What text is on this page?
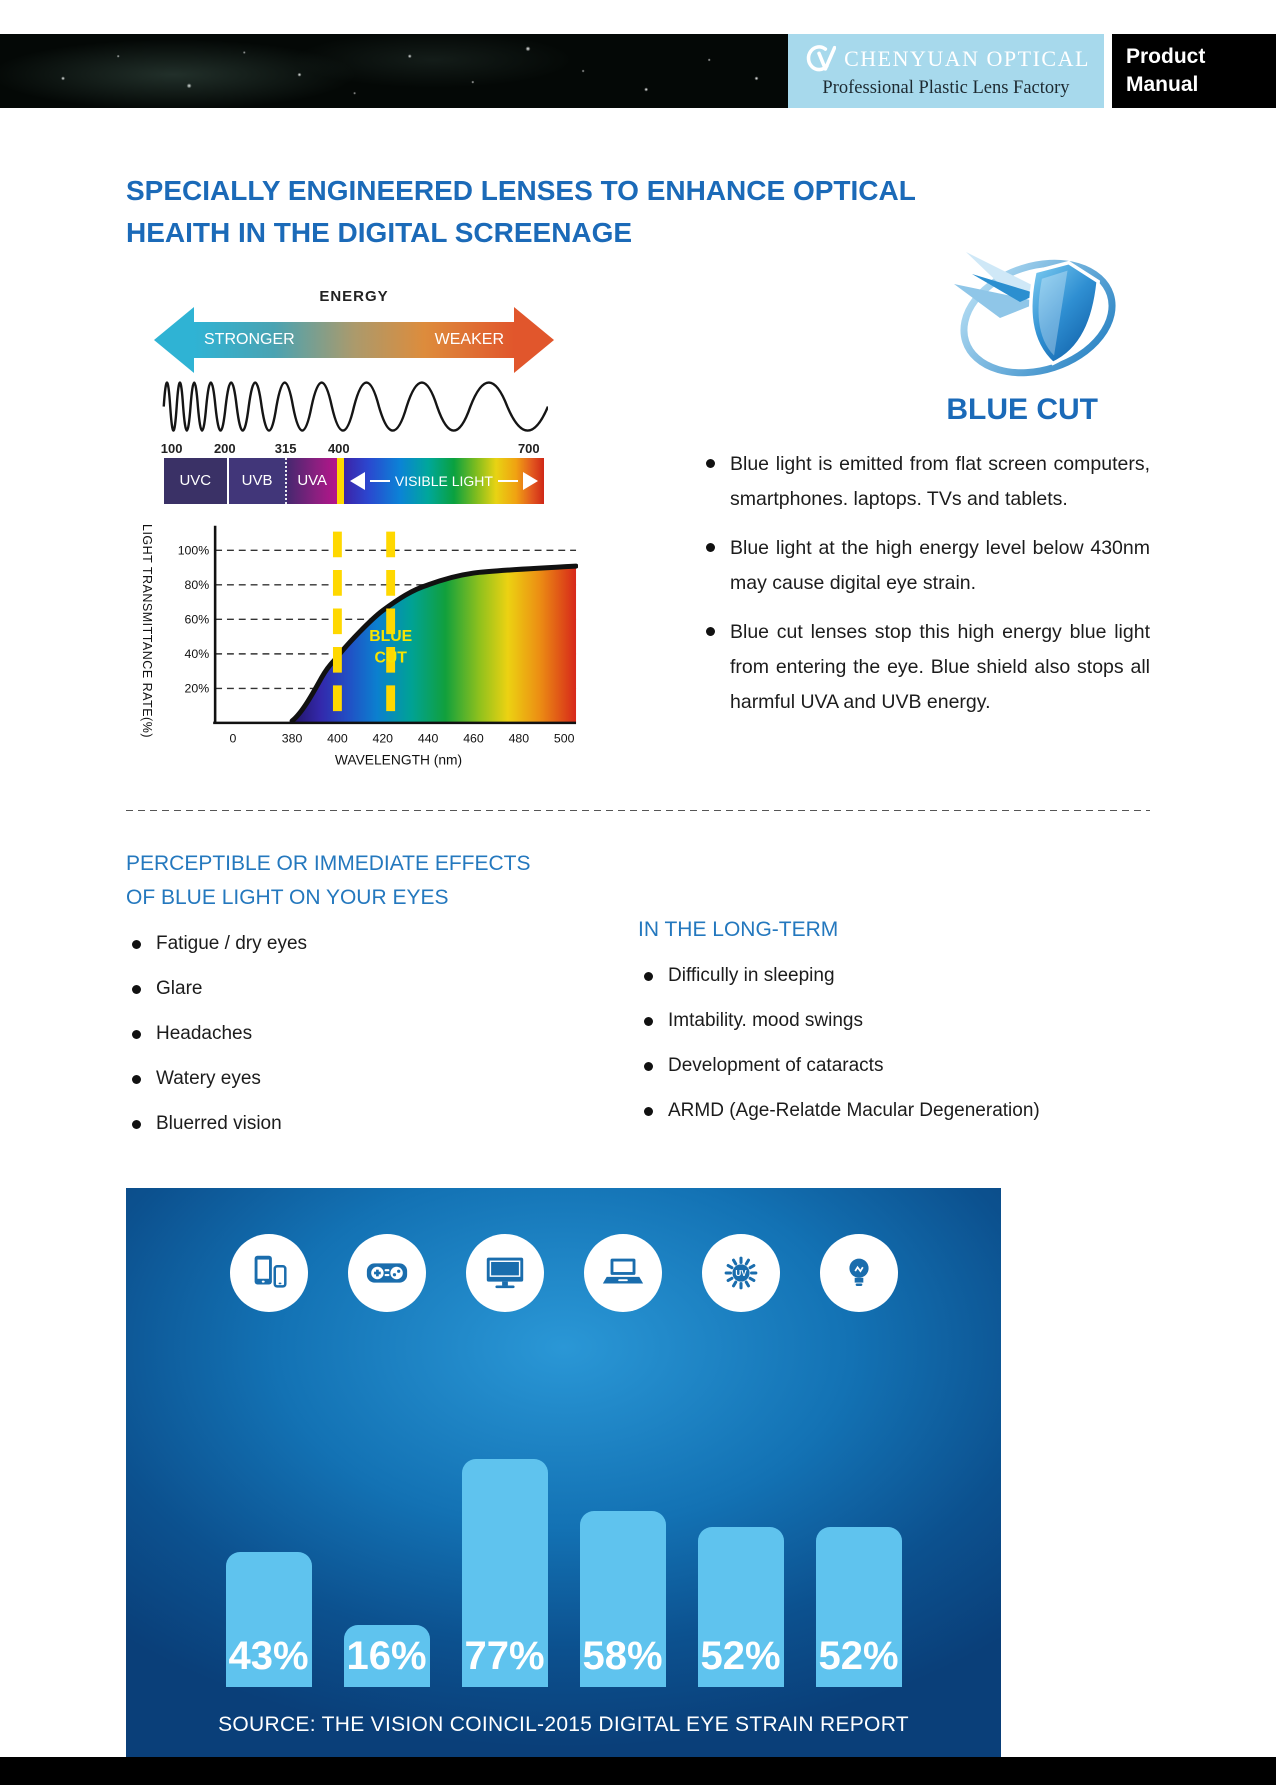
CHENYUAN OPTICAL
Professional Plastic Lens Factory
Product
Manual
SPECIALLY ENGINEERED LENSES TO ENHANCE OPTICAL
HEAITH IN THE DIGITAL SCREENAGE
ENERGY
STRONGER	WEAKER
100 200	315 400	700
UVC	UVB	UVA	VISIBLE LIGHT
LIGHT TRANSMITTANCE RATE(%)	BLUE
CUT
100%
80%
60%
40%
20%
0	380 400 420 440 460 480 500
WAVELENGTH (nm)
BLUE CUT
Blue light is emitted from flat screen computers, smartphones. laptops. TVs and tablets.
Blue light at the high energy level below 430nm may cause digital eye strain.
Blue cut lenses stop this high energy blue light from entering the eye. Blue shield also stops all harmful UVA and UVB energy.
PERCEPTIBLE OR IMMEDIATE EFFECTS
OF BLUE LIGHT ON YOUR EYES
Fatigue / dry eyes
Glare
Headaches
Watery eyes
Bluerred vision
IN THE LONG-TERM
Difficully in sleeping
Imtability. mood swings
Development of cataracts
ARMD (Age-Relatde Macular Degeneration)
43% 16% 77% 58%
UV
52% 52%
SOURCE: THE VISION COINCIL-2015 DIGITAL EYE STRAIN REPORT
